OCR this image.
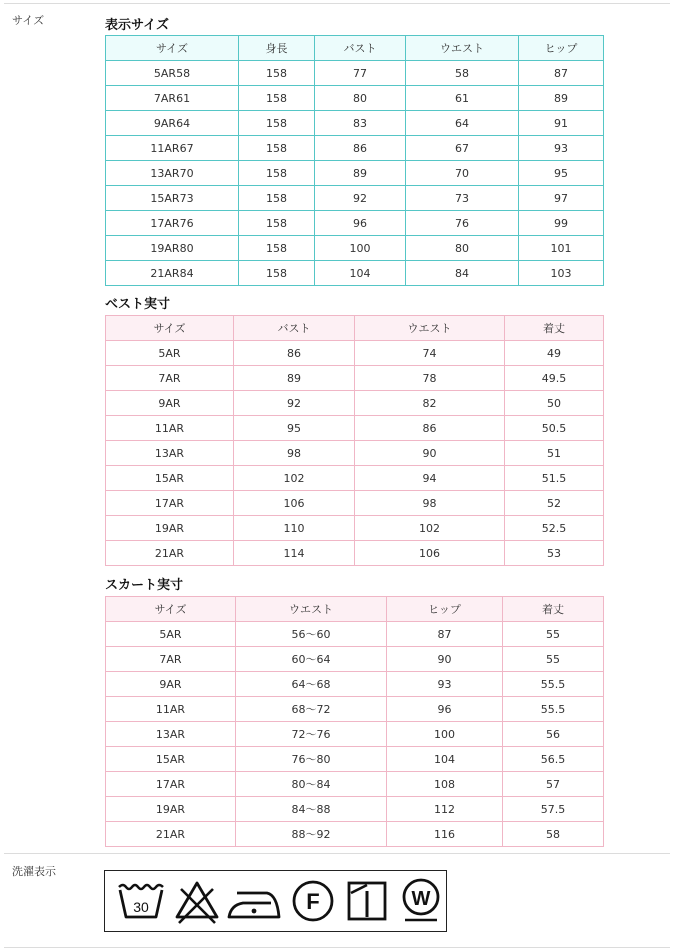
サイズ	表示サイズ
サイズ	身長	バスト	ウエスト	ヒップ
5AR58	158	77	58	87
7AR61	158	80	61	89
9AR64	158	83	64	91
11AR67	158	86	67	93
13AR70	158	89	70	95
15AR73	158	92	73	97
17AR76	158	96	76	99
19AR80	158	100	80	101
21AR84	158	104	84	103
ベスト実寸
サイズ	バスト	ウエスト	着丈
5AR	86	74	49
7AR	89	78	49.5
9AR	92	82	50
11AR	95	86	50.5
13AR	98	90	51
15AR	102	94	51.5
17AR	106	98	52
19AR	110	102	52.5
21AR	114	106	53
スカート実寸
サイズ	ウエスト	ヒップ	着丈
5AR	56〜60	87	55
7AR	60〜64	90	55
9AR	64〜68	93	55.5
11AR	68〜72	96	55.5
13AR	72〜76	100	56
15AR	76〜80	104	56.5
17AR	80〜84	108	57
19AR	84〜88	112	57.5
21AR	88〜92	116	58
洗濯表示
30	F	W
